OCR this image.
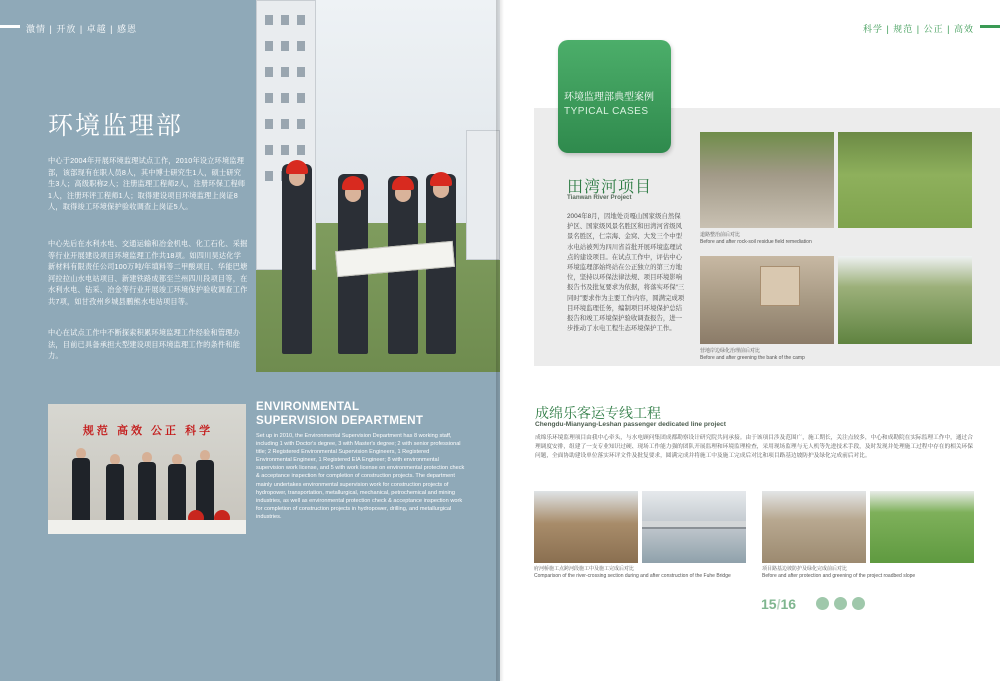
激情 | 开放 | 卓越 | 感恩
环境监理部
中心于2004年开展环境监理试点工作，2010年设立环境监理部，该部现有在职人员8人，其中博士研究生1人，硕士研究生3人；高级职称2人；注册监理工程师2人，注册环保工程师1人，注册环评工程师1人；取得建设项目环境监理上岗证8人，取得竣工环境保护验收调查上岗证5人。
中心先后在水利水电、交通运输和冶金机电、化工石化、采掘等行业开展建设项目环境监理工作共18项。如四川昊达化学新材料有限责任公司100万吨/年填料等二甲酸项目、华能巴塘河拉拉山水电站项目、新建铁路成都至兰州四川段项目等，在水利水电、钻采、冶金等行业开展竣工环境保护验收调查工作共7项，如甘孜州乡城县鹏熊水电站项目等。
中心在试点工作中不断探索积累环境监理工作经验和管理办法，目前已具备承担大型建设项目环境监理工作的条件和能力。
规范 高效 公正 科学
ENVIRONMENTAL
SUPERVISION DEPARTMENT
Set up in 2010, the Environmental Supervision Department has 8 working staff, including 1 with Doctor's degree, 3 with Master's degree; 2 with senior professional title; 2 Registered Environmental Supervision Engineers, 1 Registered Environmental Engineer, 1 Registered EIA Engineer; 8 with environmental supervision work license, and 5 with work license on environmental protection check & acceptance inspection for completion of construction projects. The department mainly undertakes environmental supervision work for construction projects of hydropower, transportation, metallurgical, mechanical, petrochemical and mining industries, as well as environmental protection check & acceptance inspection work for completion of construction projects in hydropower, drilling, and metallurgical industries.
科学 | 规范 | 公正 | 高效
环境监理部典型案例
TYPICAL CASES
田湾河项目
Tianwan River Project
2004年8月，因地处贡嘎山国家级自然保护区、国家级风景名胜区和田湾河省级风景名胜区，仁宗海、金窝、大发三个中型水电站被列为四川省首批开展环境监理试点的建设项目。在试点工作中，评估中心环境监理部始终站在公正独立的第三方地位，坚持以环保法律法规、项目环境影响报告书及批复要求为依据，将落实环保“三同时”要求作为主要工作内容，圆满完成项目环境监理任务，编制项目环境保护总结报告和竣工环境保护验收调查报告，进一步推动了水电工程生态环境保护工作。
道路整治前后对比
Before and after rock-soil residue field remediation
营地岸边绿化治理前后对比
Before and after greening the bank of the camp
成绵乐客运专线工程
Chengdu-Mianyang-Leshan passenger dedicated line project
成绵乐环境监理项目由我中心牵头，与水电顾问集团成都勘察设计研究院共同承接。由于该项目涉及范围广，施工期长，关注点较多，中心和成勘院在实际监理工作中，通过合理调度安排，组建了一支专业知识过硬、现场工作能力强的团队开展监理和环境监理检查，采用现场监理与无人机等先进技术手段，及时发现并处理施工过程中存在的相关环保问题，全面协助建设单位落实环评文件及批复要求，圆满完成并将施工中及施工完成后对比和项目路基边坡防护及绿化完成前后对比。
府河桥施工点跨河段施工中及施工完成后对比
Comparison of the river-crossing section during and after construction of the Fuhe Bridge
项目路基边坡防护及绿化完成前后对比
Before and after protection and greening of the project roadbed slope
15/16
